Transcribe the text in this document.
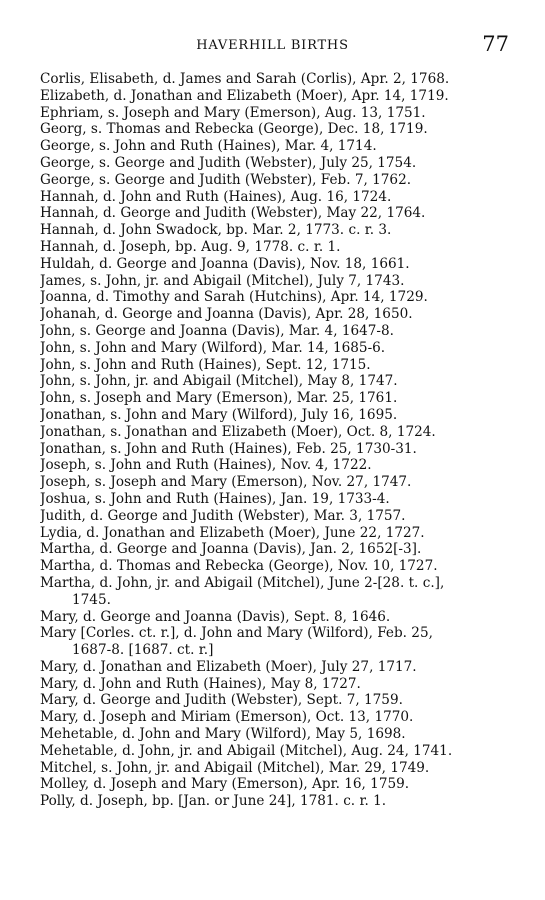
HAVERHILL BIRTHS	77
Corlis, Elisabeth, d. James and Sarah (Corlis), Apr. 2, 1768.
Elizabeth, d. Jonathan and Elizabeth (Moer), Apr. 14, 1719.
Ephriam, s. Joseph and Mary (Emerson), Aug. 13, 1751.
Georg, s. Thomas and Rebecka (George), Dec. 18, 1719.
George, s. John and Ruth (Haines), Mar. 4, 1714.
George, s. George and Judith (Webster), July 25, 1754.
George, s. George and Judith (Webster), Feb. 7, 1762.
Hannah, d. John and Ruth (Haines), Aug. 16, 1724.
Hannah, d. George and Judith (Webster), May 22, 1764.
Hannah, d. John Swadock, bp. Mar. 2, 1773. c. r. 3.
Hannah, d. Joseph, bp. Aug. 9, 1778. c. r. 1.
Huldah, d. George and Joanna (Davis), Nov. 18, 1661.
James, s. John, jr. and Abigail (Mitchel), July 7, 1743.
Joanna, d. Timothy and Sarah (Hutchins), Apr. 14, 1729.
Johanah, d. George and Joanna (Davis), Apr. 28, 1650.
John, s. George and Joanna (Davis), Mar. 4, 1647-8.
John, s. John and Mary (Wilford), Mar. 14, 1685-6.
John, s. John and Ruth (Haines), Sept. 12, 1715.
John, s. John, jr. and Abigail (Mitchel), May 8, 1747.
John, s. Joseph and Mary (Emerson), Mar. 25, 1761.
Jonathan, s. John and Mary (Wilford), July 16, 1695.
Jonathan, s. Jonathan and Elizabeth (Moer), Oct. 8, 1724.
Jonathan, s. John and Ruth (Haines), Feb. 25, 1730-31.
Joseph, s. John and Ruth (Haines), Nov. 4, 1722.
Joseph, s. Joseph and Mary (Emerson), Nov. 27, 1747.
Joshua, s. John and Ruth (Haines), Jan. 19, 1733-4.
Judith, d. George and Judith (Webster), Mar. 3, 1757.
Lydia, d. Jonathan and Elizabeth (Moer), June 22, 1727.
Martha, d. George and Joanna (Davis), Jan. 2, 1652[-3].
Martha, d. Thomas and Rebecka (George), Nov. 10, 1727.
Martha, d. John, jr. and Abigail (Mitchel), June 2-[28. t. c.],
1745.
Mary, d. George and Joanna (Davis), Sept. 8, 1646.
Mary [Corles. ct. r.], d. John and Mary (Wilford), Feb. 25,
1687-8. [1687. ct. r.]
Mary, d. Jonathan and Elizabeth (Moer), July 27, 1717.
Mary, d. John and Ruth (Haines), May 8, 1727.
Mary, d. George and Judith (Webster), Sept. 7, 1759.
Mary, d. Joseph and Miriam (Emerson), Oct. 13, 1770.
Mehetable, d. John and Mary (Wilford), May 5, 1698.
Mehetable, d. John, jr. and Abigail (Mitchel), Aug. 24, 1741.
Mitchel, s. John, jr. and Abigail (Mitchel), Mar. 29, 1749.
Molley, d. Joseph and Mary (Emerson), Apr. 16, 1759.
Polly, d. Joseph, bp. [Jan. or June 24], 1781. c. r. 1.
